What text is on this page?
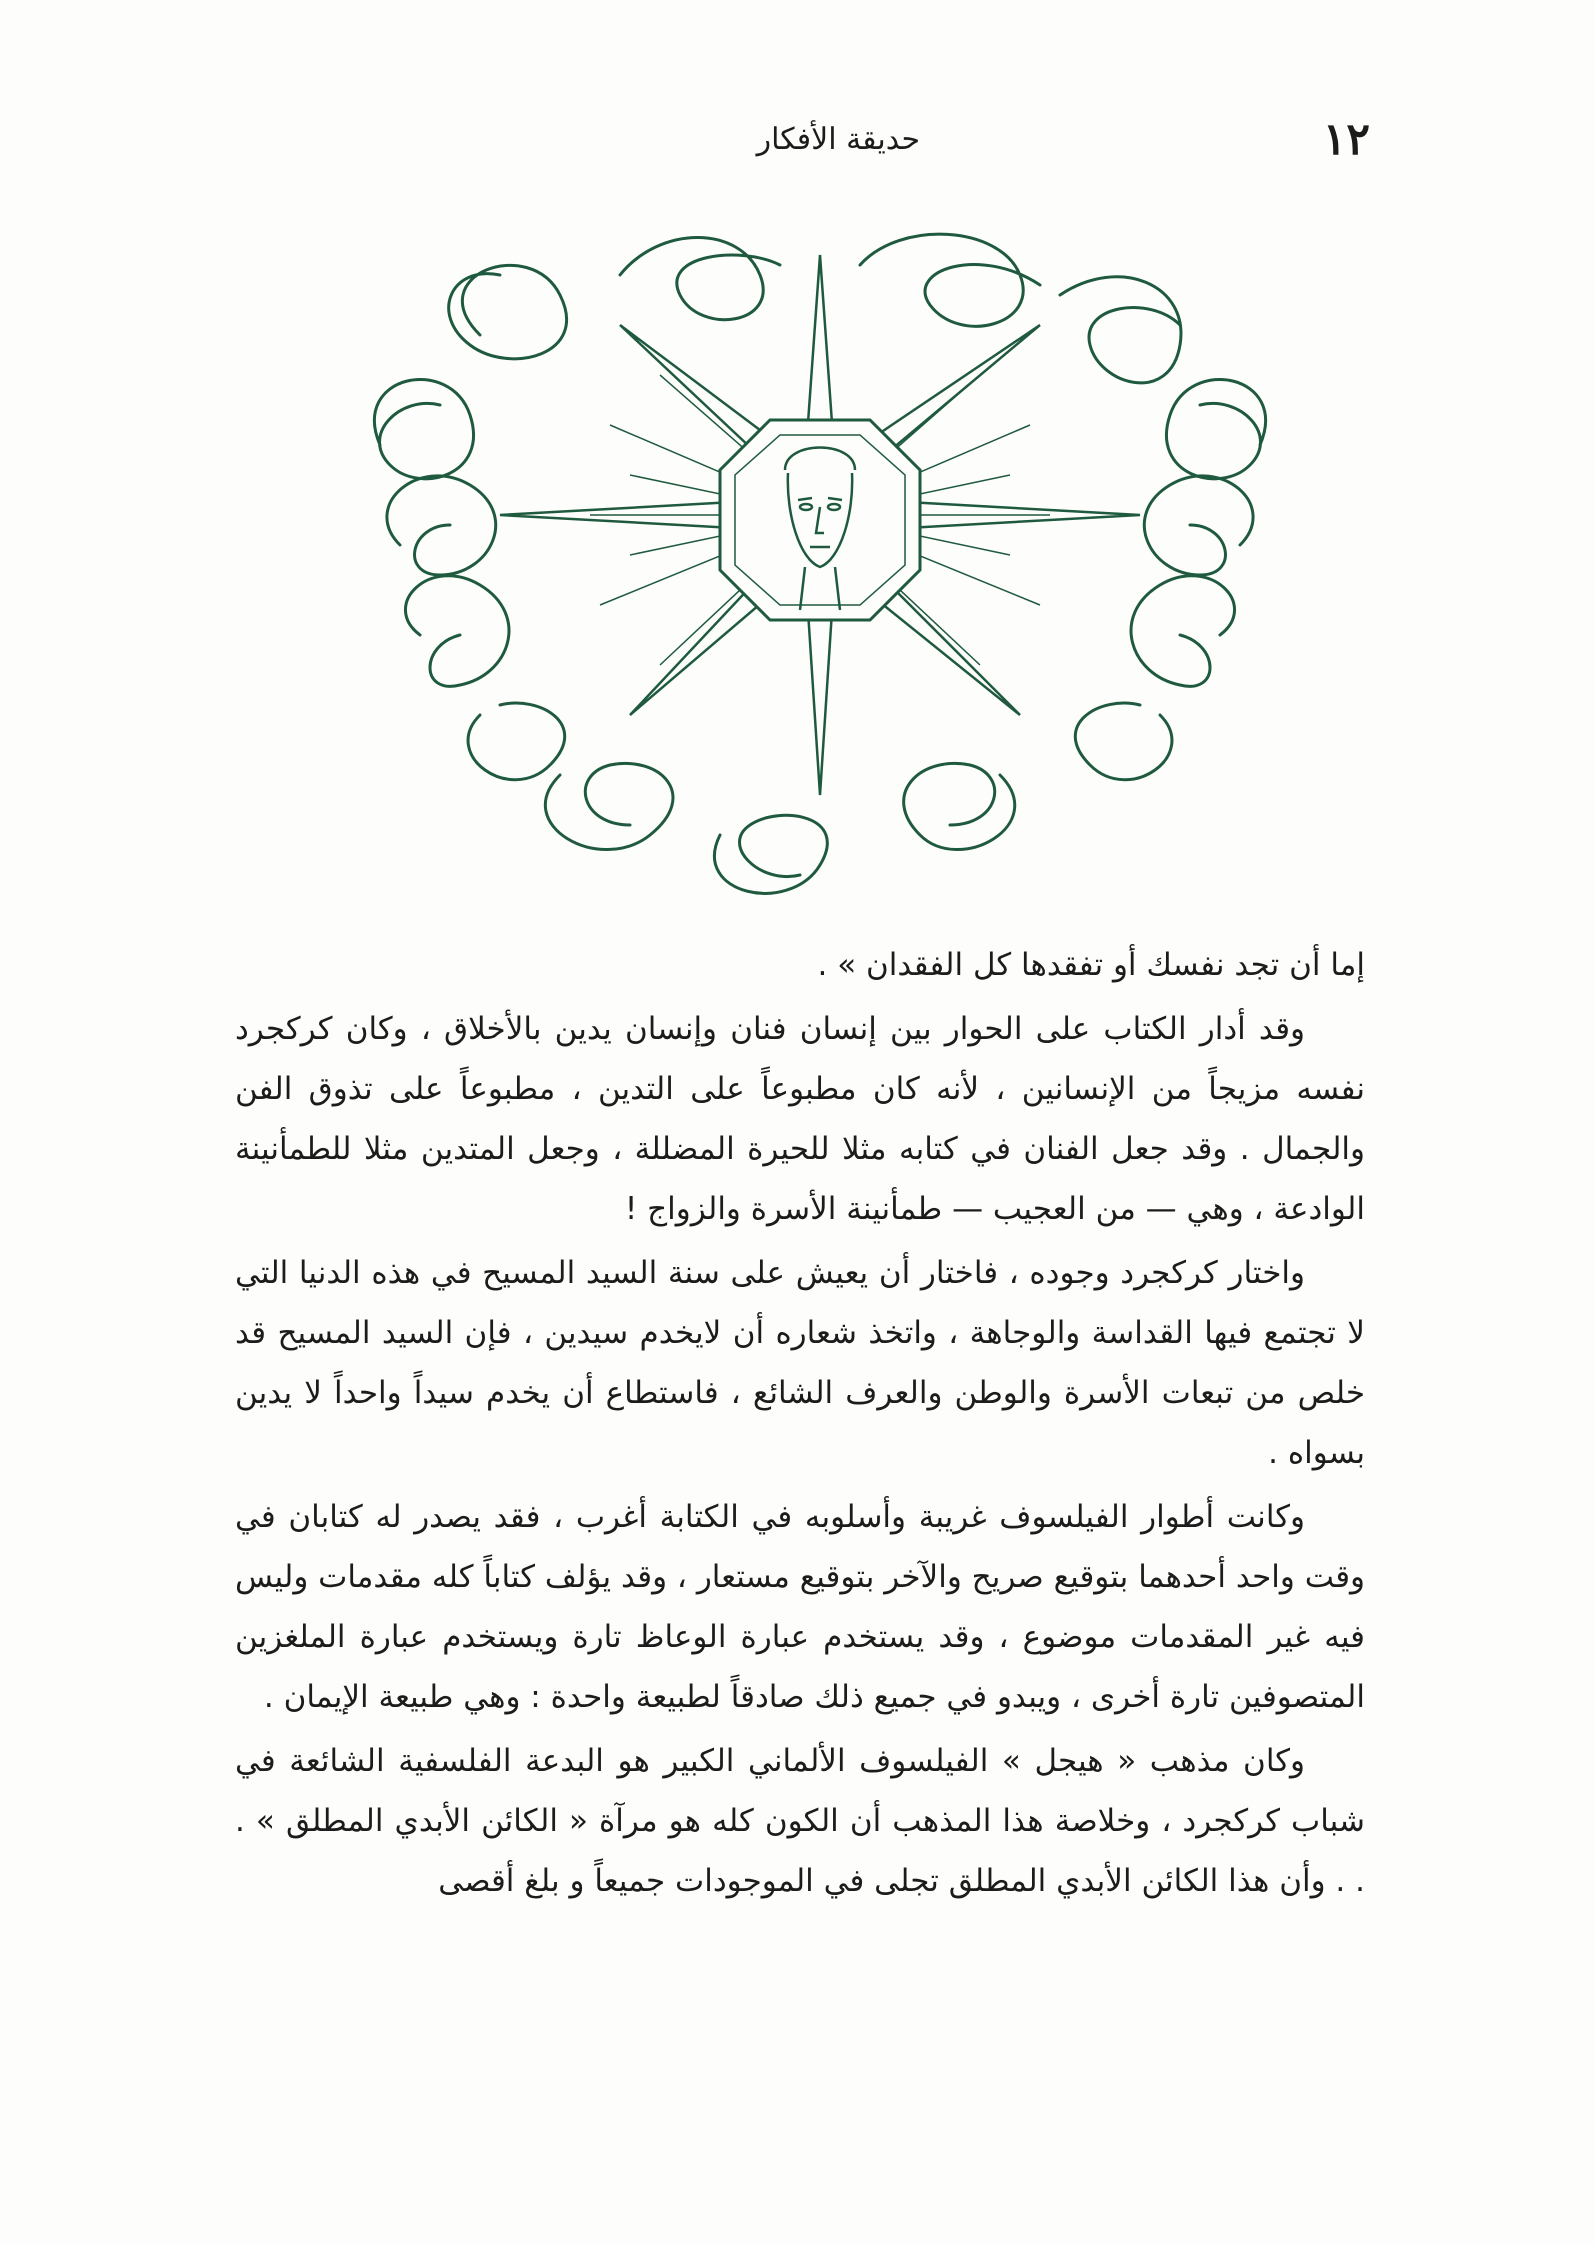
١٢
حديقة الأفكار

إما أن تجد نفسك أو تفقدها كل الفقدان » .

وقد أدار الكتاب على الحوار بين إنسان فنان وإنسان يدين بالأخلاق ، وكان كركجرد نفسه مزيجاً من الإنسانين ، لأنه كان مطبوعاً على التدين ، مطبوعاً على تذوق الفن والجمال . وقد جعل الفنان في كتابه مثلا للحيرة المضللة ، وجعل المتدين مثلا للطمأنينة الوادعة ، وهي — من العجيب — طمأنينة الأسرة والزواج !

واختار كركجرد وجوده ، فاختار أن يعيش على سنة السيد المسيح في هذه الدنيا التي لا تجتمع فيها القداسة والوجاهة ، واتخذ شعاره أن لايخدم سيدين ، فإن السيد المسيح قد خلص من تبعات الأسرة والوطن والعرف الشائع ، فاستطاع أن يخدم سيداً واحداً لا يدين بسواه .

وكانت أطوار الفيلسوف غريبة وأسلوبه في الكتابة أغرب ، فقد يصدر له كتابان في وقت واحد أحدهما بتوقيع صريح والآخر بتوقيع مستعار ، وقد يؤلف كتاباً كله مقدمات وليس فيه غير المقدمات موضوع ، وقد يستخدم عبارة الوعاظ تارة ويستخدم عبارة الملغزين المتصوفين تارة أخرى ، ويبدو في جميع ذلك صادقاً لطبيعة واحدة : وهي طبيعة الإيمان .

وكان مذهب « هيجل » الفيلسوف الألماني الكبير هو البدعة الفلسفية الشائعة في شباب كركجرد ، وخلاصة هذا المذهب أن الكون كله هو مرآة « الكائن الأبدي المطلق » . . . وأن هذا الكائن الأبدي المطلق تجلى في الموجودات جميعاً و بلغ أقصى
